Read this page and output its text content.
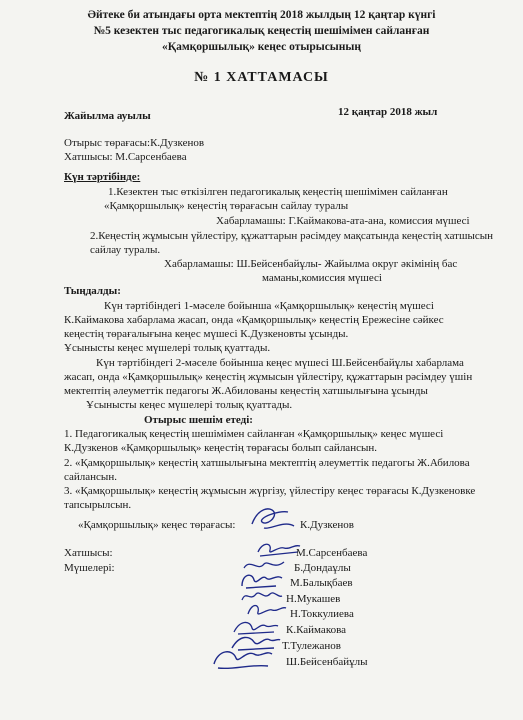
Әйтеке би атындағы орта мектептің 2018 жылдың 12 қаңтар күнгі
№5 кезектен тыс педагогикалық кеңестің шешімімен сайланған
«Қамқоршылық» кеңес отырысының
№ 1 ХАТТАМАСЫ
Жайылма ауылы	12 қаңтар 2018 жыл
Отырыс төрағасы:К.Дузкенов
Хатшысы: М.Сарсенбаева
Күн тәртібінде:
1.Кезектен тыс өткізілген педагогикалық кеңестің шешімімен сайланған
«Қамқоршылық» кеңестің төрағасын сайлау туралы
Хабарламашы: Г.Каймакова-ата-ана, комиссия мүшесі
2.Кеңестің жұмысын үйлестіру, құжаттарын рәсімдеу мақсатында кеңестің хатшысын
сайлау туралы.
Хабарламашы: Ш.Бейсенбайұлы- Жайылма округ әкімінің бас
маманы,комиссия мүшесі
Тыңдалды:
Күн тәртібіндегі 1-мәселе бойынша «Қамқоршылық» кеңестің мүшесі
К.Каймакова хабарлама жасап, онда «Қамқоршылық» кеңестің Ережесіне сәйкес
кеңестің төрағалығына кеңес мүшесі К.Дузкеновты ұсынды.
Ұсынысты кеңес мүшелері толық қуаттады.
Күн тәртібіндегі 2-мәселе бойынша кеңес мүшесі Ш.Бейсенбайұлы хабарлама
жасап, онда «Қамқоршылық» кеңестің жұмысын үйлестіру, құжаттарын рәсімдеу үшін
мектептің әлеуметтік педагогы Ж.Абилованы кеңестің хатшылығына ұсынды
Ұсынысты кеңес мүшелері толық қуаттады.
Отырыс шешім етеді:
1. Педагогикалық кеңестің шешімімен сайланған «Қамқоршылық» кеңес мүшесі
К.Дузкенов «Қамқоршылық» кеңестің төрағасы болып сайлансын.
2. «Қамқоршылық» кеңестің хатшылығына мектептің әлеуметтік педагогы Ж.Абилова
сайлансын.
3. «Қамқоршылық» кеңестің жұмысын жүргізу, үйлестіру кеңес төрағасы К.Дузкеновке
тапсырылсын.
«Қамқоршылық» кеңес төрағасы:	К.Дузкенов
Хатшысы:	М.Сарсенбаева
Мүшелері:	Б.Дондаұлы
М.Балықбаев
Н.Мукашев
Н.Токкулиева
К.Каймакова
Т.Тулежанов
Ш.Бейсенбайұлы
